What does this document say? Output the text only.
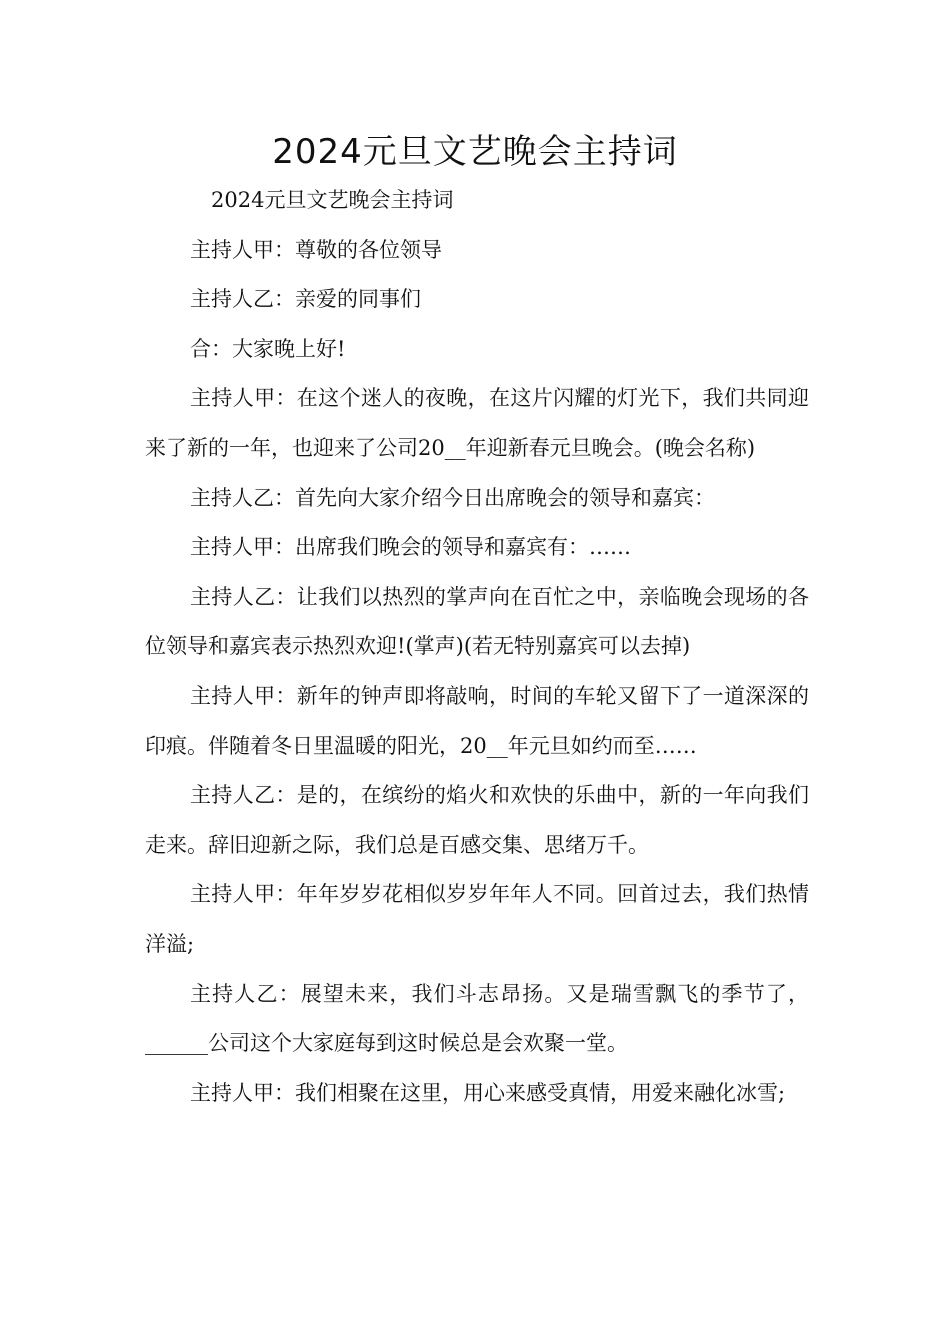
2024元旦文艺晚会主持词

2024元旦文艺晚会主持词

主持人甲：尊敬的各位领导

主持人乙：亲爱的同事们

合：大家晚上好!

主持人甲：在这个迷人的夜晚，在这片闪耀的灯光下，我们共同迎来了新的一年，也迎来了公司20__年迎新春元旦晚会。(晚会名称)

主持人乙：首先向大家介绍今日出席晚会的领导和嘉宾：

主持人甲：出席我们晚会的领导和嘉宾有：……

主持人乙：让我们以热烈的掌声向在百忙之中，亲临晚会现场的各位领导和嘉宾表示热烈欢迎!(掌声)(若无特别嘉宾可以去掉)

主持人甲：新年的钟声即将敲响，时间的车轮又留下了一道深深的印痕。伴随着冬日里温暖的阳光，20__年元旦如约而至……

主持人乙：是的，在缤纷的焰火和欢快的乐曲中，新的一年向我们走来。辞旧迎新之际，我们总是百感交集、思绪万千。

主持人甲：年年岁岁花相似岁岁年年人不同。回首过去，我们热情洋溢;

主持人乙：展望未来，我们斗志昂扬。又是瑞雪飘飞的季节了，______公司这个大家庭每到这时候总是会欢聚一堂。

主持人甲：我们相聚在这里，用心来感受真情，用爱来融化冰雪;
